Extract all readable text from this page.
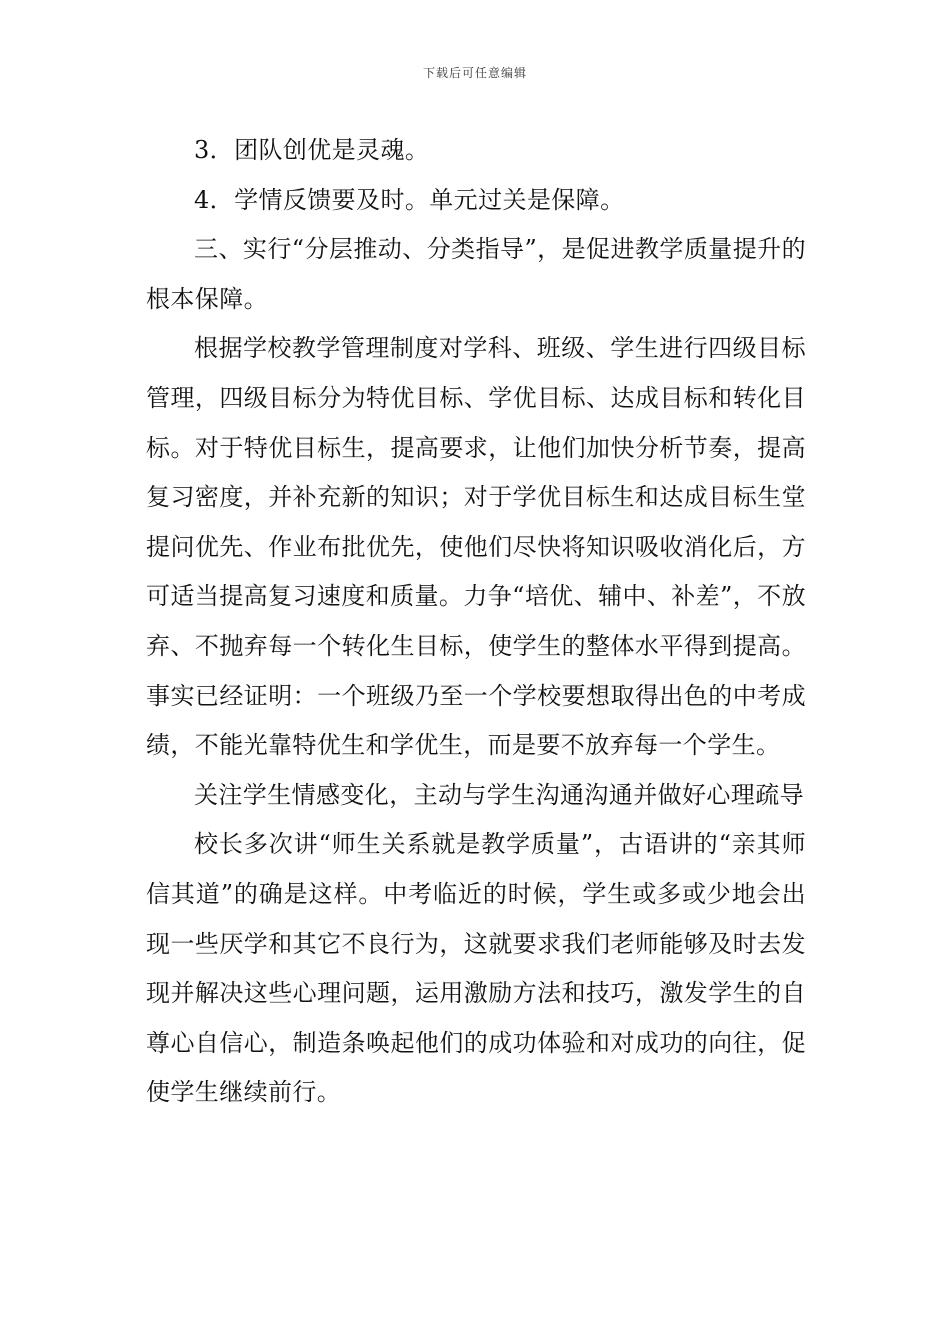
下载后可任意编辑

3．团队创优是灵魂。

4．学情反馈要及时。单元过关是保障。

三、实行“分层推动、分类指导”，是促进教学质量提升的根本保障。

根据学校教学管理制度对学科、班级、学生进行四级目标管理，四级目标分为特优目标、学优目标、达成目标和转化目标。对于特优目标生，提高要求，让他们加快分析节奏，提高复习密度，并补充新的知识；对于学优目标生和达成目标生堂提问优先、作业布批优先，使他们尽快将知识吸收消化后，方可适当提高复习速度和质量。力争“培优、辅中、补差”，不放弃、不抛弃每一个转化生目标，使学生的整体水平得到提高。事实已经证明：一个班级乃至一个学校要想取得出色的中考成绩，不能光靠特优生和学优生，而是要不放弃每一个学生。

关注学生情感变化，主动与学生沟通沟通并做好心理疏导

校长多次讲“师生关系就是教学质量”，古语讲的“亲其师信其道”的确是这样。中考临近的时候，学生或多或少地会出现一些厌学和其它不良行为，这就要求我们老师能够及时去发现并解决这些心理问题，运用激励方法和技巧，激发学生的自尊心自信心，制造条唤起他们的成功体验和对成功的向往，促使学生继续前行。
